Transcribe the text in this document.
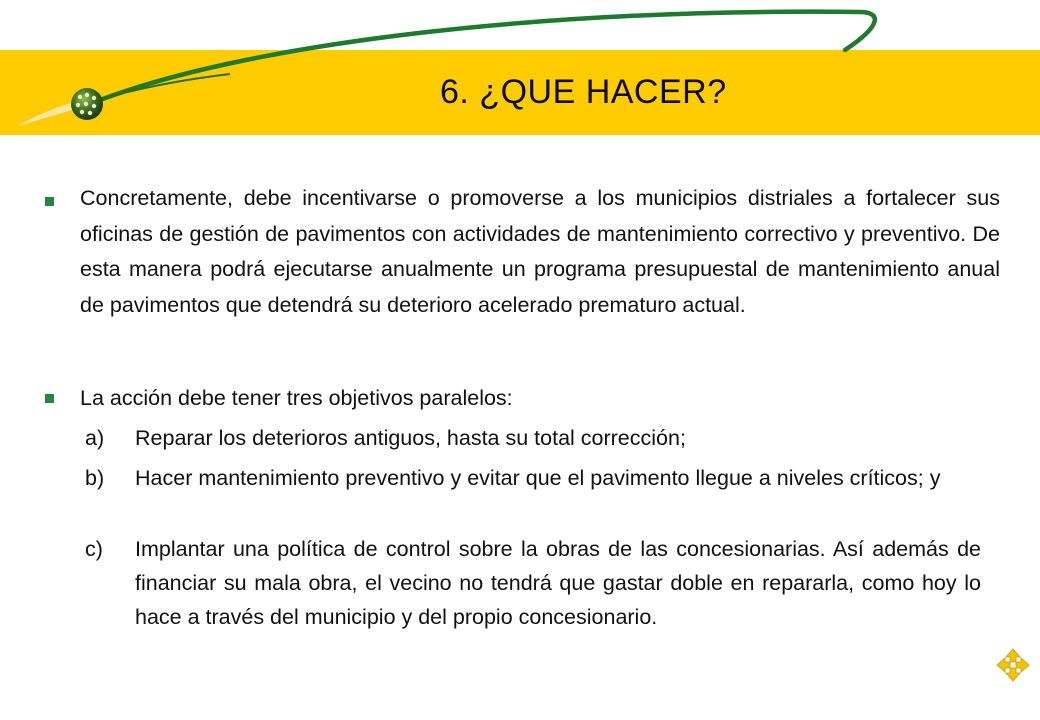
6. ¿QUE HACER?

Concretamente, debe incentivarse o promoverse a los municipios distriales a fortalecer sus oficinas de gestión de pavimentos con actividades de mantenimiento correctivo y preventivo. De esta manera podrá ejecutarse anualmente un programa presupuestal de mantenimiento anual de pavimentos que detendrá su deterioro acelerado prematuro actual.

La acción debe tener tres objetivos paralelos:

a) Reparar los deterioros antiguos, hasta su total corrección;

b) Hacer mantenimiento preventivo y evitar que el pavimento llegue a niveles críticos; y

c) Implantar una política de control sobre la obras de las concesionarias. Así además de financiar su mala obra, el vecino no tendrá que gastar doble en repararla, como hoy lo hace a través del municipio y del propio concesionario.
